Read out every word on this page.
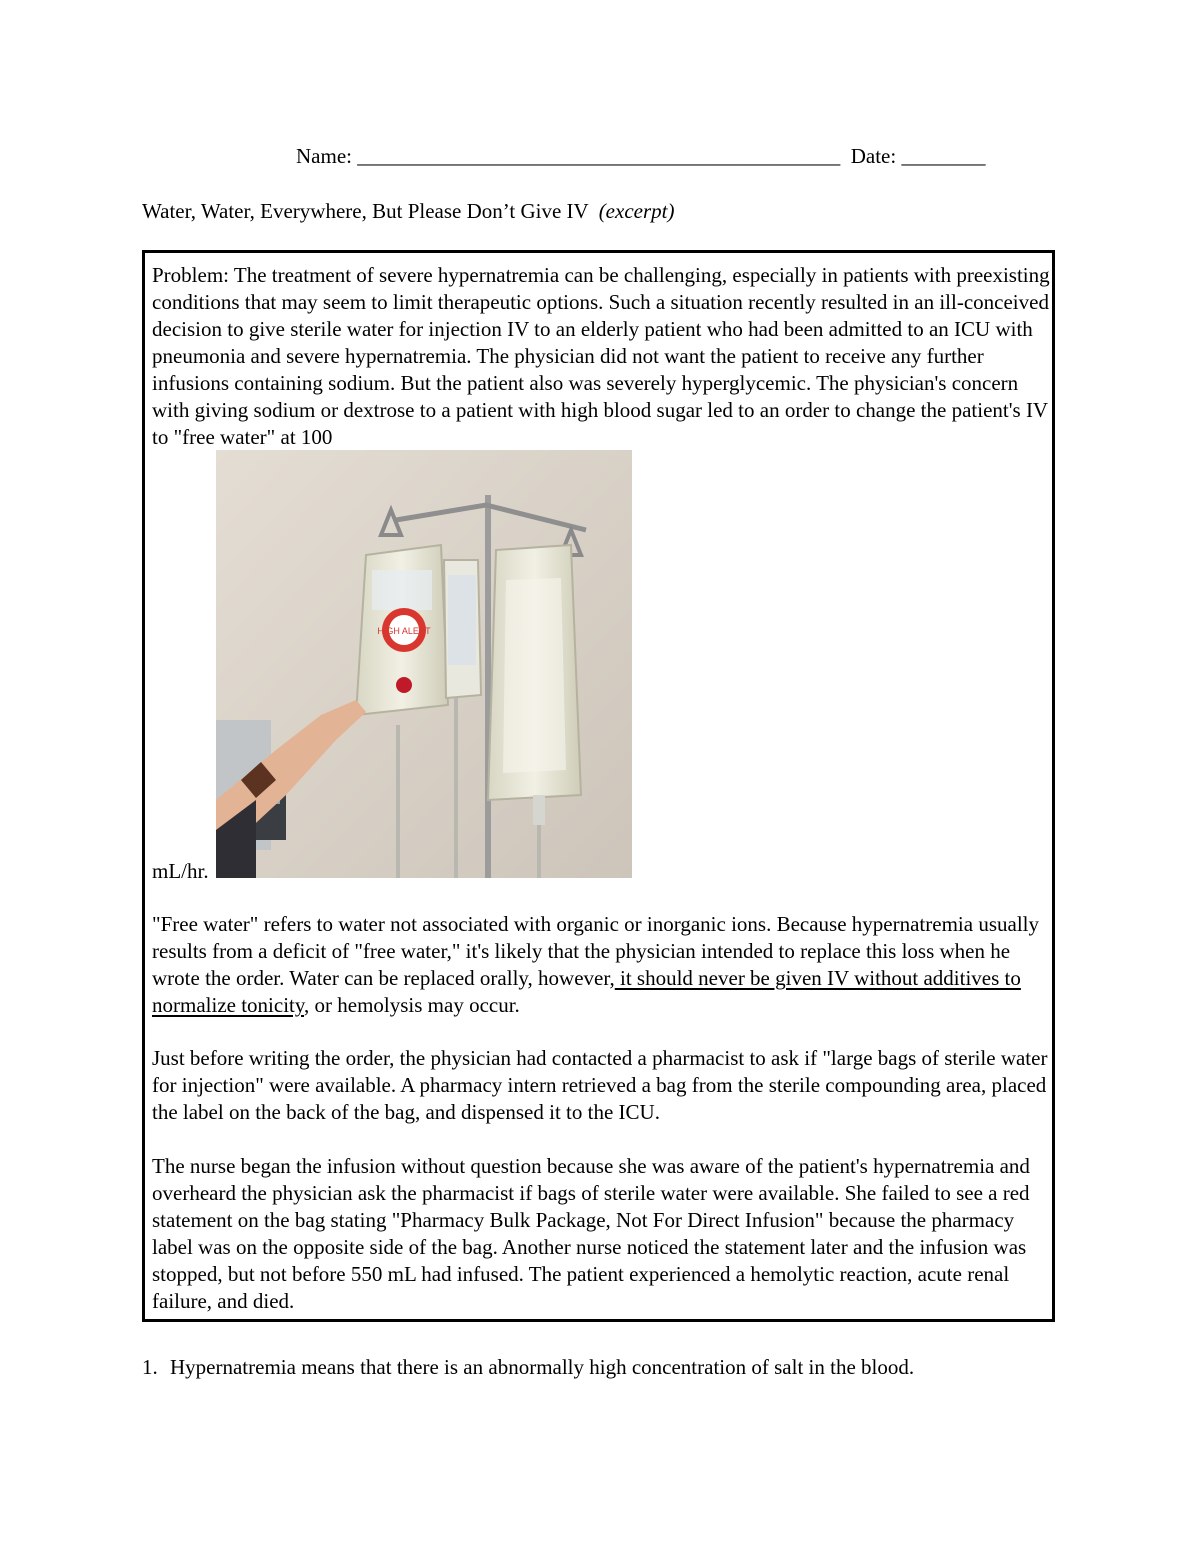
Name: ______________________________________________  Date: ________
Water, Water, Everywhere, But Please Don’t Give IV (excerpt)
Problem: The treatment of severe hypernatremia can be challenging, especially in patients with preexisting conditions that may seem to limit therapeutic options. Such a situation recently resulted in an ill-conceived decision to give sterile water for injection IV to an elderly patient who had been admitted to an ICU with pneumonia and severe hypernatremia. The physician did not want the patient to receive any further infusions containing sodium. But the patient also was severely hyperglycemic. The physician's concern with giving sodium or dextrose to a patient with high blood sugar led to an order to change the patient's IV to "free water" at 100
HIGH ALERT
mL/hr.
"Free water" refers to water not associated with organic or inorganic ions. Because hypernatremia usually results from a deficit of "free water," it's likely that the physician intended to replace this loss when he wrote the order. Water can be replaced orally, however, it should never be given IV without additives to normalize tonicity, or hemolysis may occur.
Just before writing the order, the physician had contacted a pharmacist to ask if "large bags of sterile water for injection" were available. A pharmacy intern retrieved a bag from the sterile compounding area, placed the label on the back of the bag, and dispensed it to the ICU.
The nurse began the infusion without question because she was aware of the patient's hypernatremia and overheard the physician ask the pharmacist if bags of sterile water were available. She failed to see a red statement on the bag stating "Pharmacy Bulk Package, Not For Direct Infusion" because the pharmacy label was on the opposite side of the bag. Another nurse noticed the statement later and the infusion was stopped, but not before 550 mL had infused. The patient experienced a hemolytic reaction, acute renal failure, and died.
1. Hypernatremia means that there is an abnormally high concentration of salt in the blood.
